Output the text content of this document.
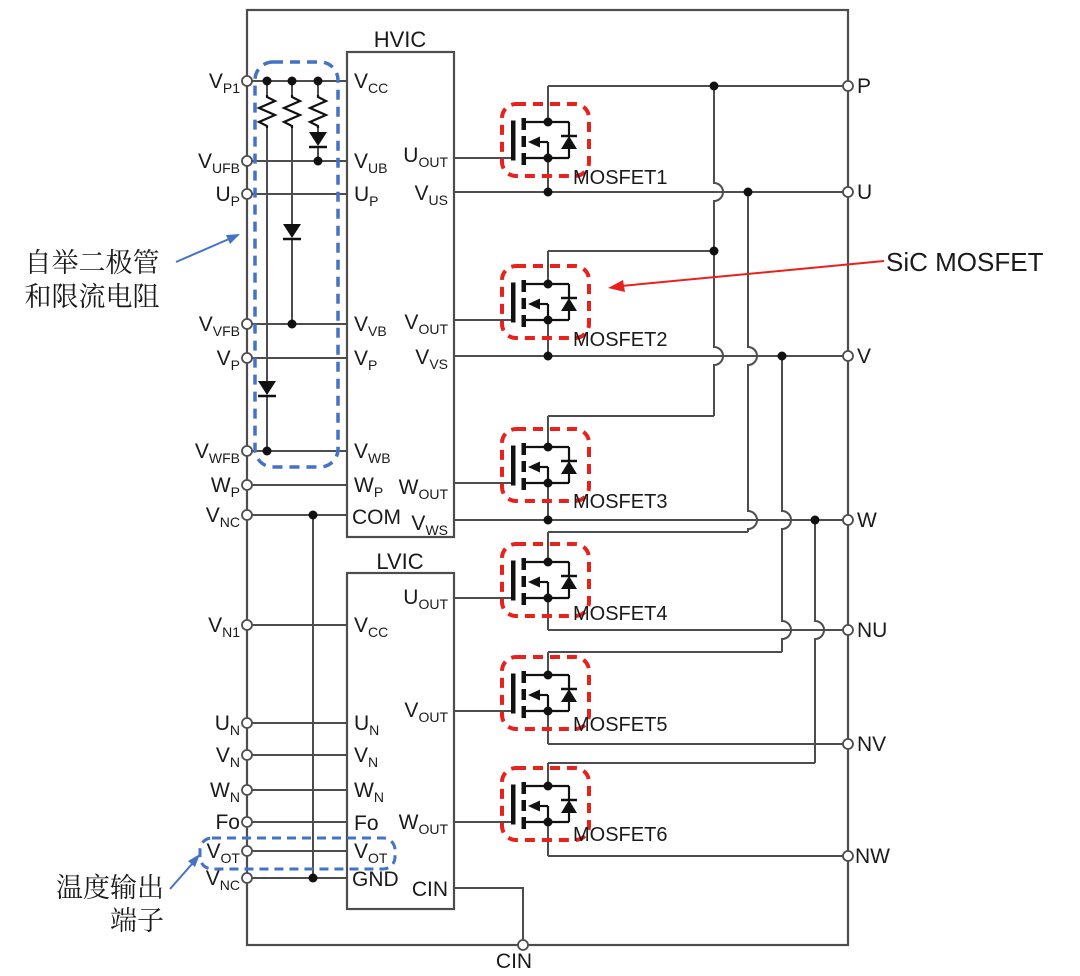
HVIC
LVIC
$V_{P1}$
$V_{UFB}$
$U_P$
$V_{VFB}$
$V_P$
$V_{WFB}$
$W_P$
$V_{NC}$
$V_{N1}$
$U_N$
$V_N$
$W_N$
Fo
$V_{OT}$
$V_{NC}$
P
U
V
W
NU
NV
NW
CIN
$V_{CC}$
$V_{UB}$
$U_P$
$V_{VB}$
$V_P$
$V_{WB}$
$W_P$
COM
$U_{OUT}$
$V_{US}$
$V_{OUT}$
$V_{VS}$
$W_{OUT}$
$V_{WS}$
$V_{CC}$
$U_N$
$V_N$
$W_N$
Fo
$V_{OT}$
GND
$U_{OUT}$
$V_{OUT}$
$W_{OUT}$
CIN
MOSFET1
MOSFET2
MOSFET3
MOSFET4
MOSFET5
MOSFET6
SiC MOSFET
自举二极管
和限流电阻
温度输出
端子
